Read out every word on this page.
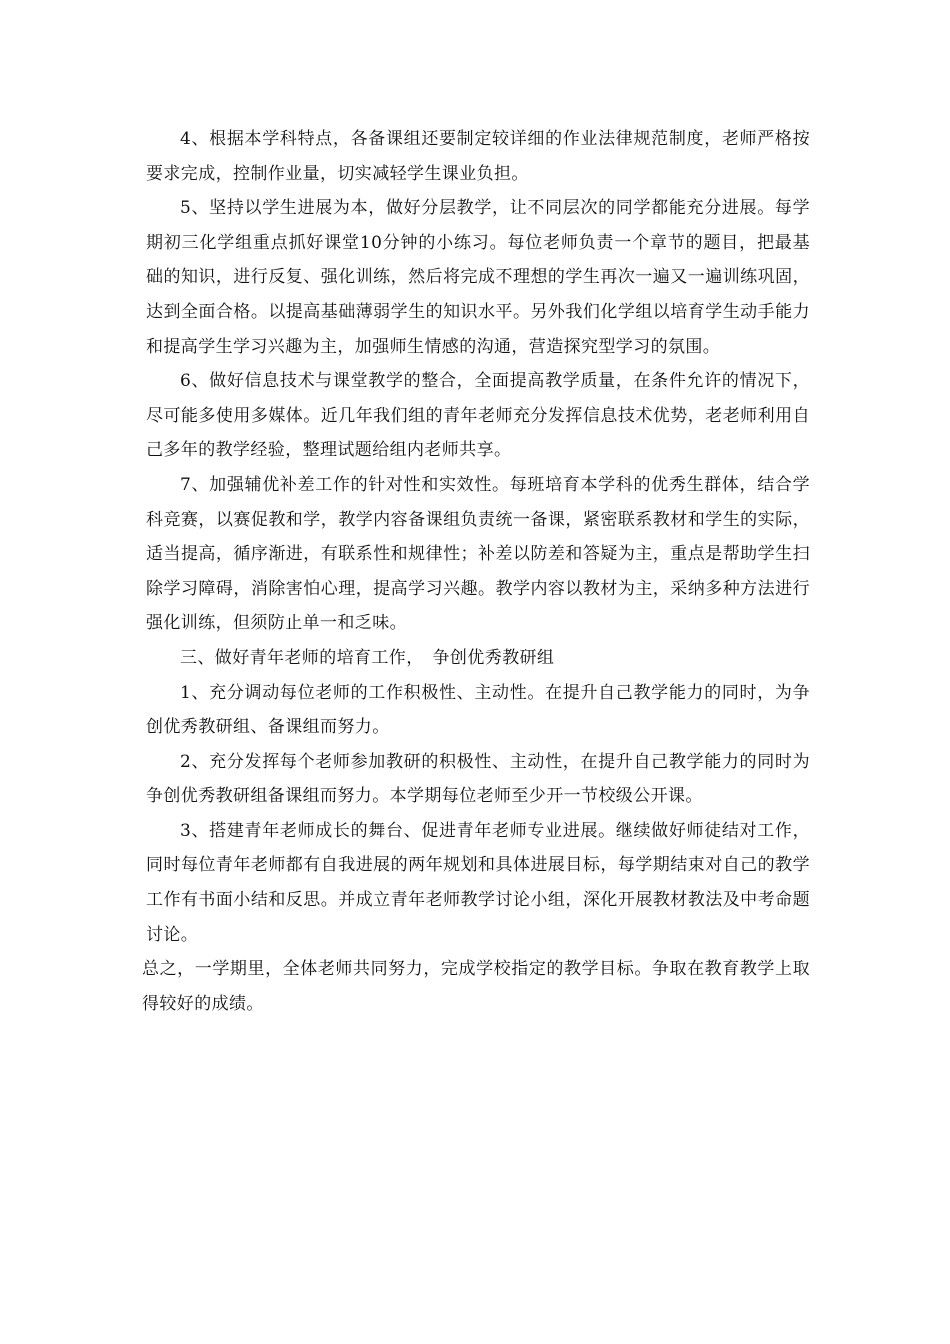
4、根据本学科特点，各备课组还要制定较详细的作业法律规范制度，老师严格按要求完成，控制作业量，切实减轻学生课业负担。

5、坚持以学生进展为本，做好分层教学，让不同层次的同学都能充分进展。每学期初三化学组重点抓好课堂10分钟的小练习。每位老师负责一个章节的题目，把最基础的知识，进行反复、强化训练，然后将完成不理想的学生再次一遍又一遍训练巩固，达到全面合格。以提高基础薄弱学生的知识水平。另外我们化学组以培育学生动手能力和提高学生学习兴趣为主，加强师生情感的沟通，营造探究型学习的氛围。

6、做好信息技术与课堂教学的整合，全面提高教学质量，在条件允许的情况下，尽可能多使用多媒体。近几年我们组的青年老师充分发挥信息技术优势，老老师利用自己多年的教学经验，整理试题给组内老师共享。

7、加强辅优补差工作的针对性和实效性。每班培育本学科的优秀生群体，结合学科竞赛，以赛促教和学，教学内容备课组负责统一备课，紧密联系教材和学生的实际，适当提高，循序渐进，有联系性和规律性；补差以防差和答疑为主，重点是帮助学生扫除学习障碍，消除害怕心理，提高学习兴趣。教学内容以教材为主，采纳多种方法进行强化训练，但须防止单一和乏味。

三、做好青年老师的培育工作，　争创优秀教研组

1、充分调动每位老师的工作积极性、主动性。在提升自己教学能力的同时，为争创优秀教研组、备课组而努力。

2、充分发挥每个老师参加教研的积极性、主动性，在提升自己教学能力的同时为争创优秀教研组备课组而努力。本学期每位老师至少开一节校级公开课。

3、搭建青年老师成长的舞台、促进青年老师专业进展。继续做好师徒结对工作，同时每位青年老师都有自我进展的两年规划和具体进展目标，每学期结束对自己的教学工作有书面小结和反思。并成立青年老师教学讨论小组，深化开展教材教法及中考命题讨论。

总之，一学期里，全体老师共同努力，完成学校指定的教学目标。争取在教育教学上取得较好的成绩。
